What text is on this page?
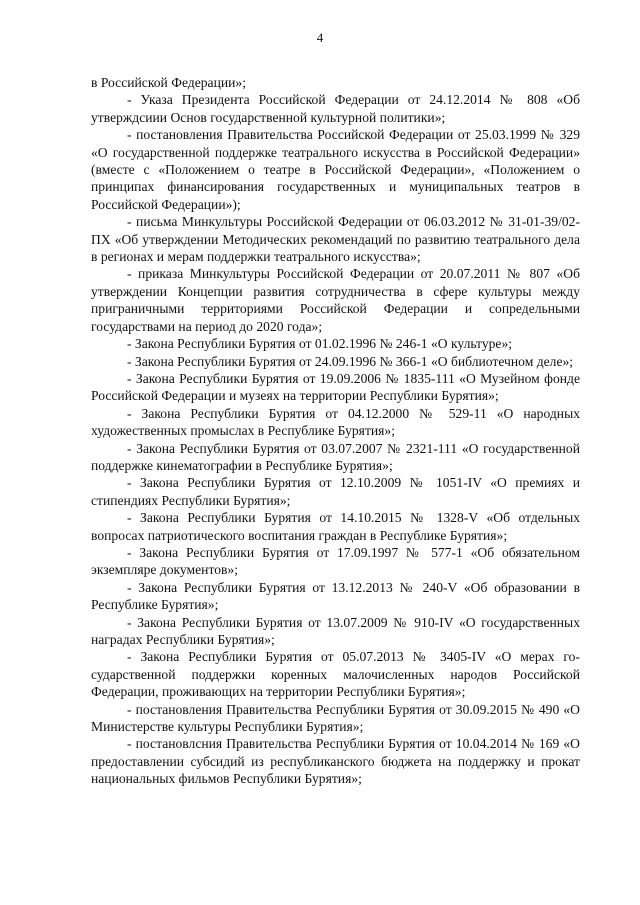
4

в Российской Федерации»;

- Указа Президента Российской Федерации от 24.12.2014 № 808 «Об утверждсиии Основ государственной культурной политики»;

- постановления Правительства Российской Федерации от 25.03.1999 № 329 «О государственной поддержке театрального искусства в Российской Федерации» (вместе с «Положением о театре в Российской Федерации», «Положением о принципах финансирования государственных и муниципальных театров в Российской Федерации»);

- письма Минкультуры Российской Федерации от 06.03.2012 № 31-01-39/02-ПХ «Об утверждении Методических рекомендаций по развитию театрального дела в регионах и мерам поддержки театрального искусства»;

- приказа Минкультуры Российской Федерации от 20.07.2011 № 807 «Об утверждении Концепции развития сотрудничества в сфере культуры между приграничными территориями Российской Федерации и сопредельными государствами на период до 2020 года»;

- Закона Республики Бурятия от 01.02.1996 № 246-1 «О культуре»;

- Закона Республики Бурятия от 24.09.1996 № 366-1 «О библиотечном деле»;

- Закона Республики Бурятия от 19.09.2006 № 1835-111 «О Музейном фонде Российской Федерации и музеях на территории Республики Бурятия»;

- Закона Республики Бурятия от 04.12.2000 № 529-11 «О народных художественных промыслах в Республике Бурятия»;

- Закона Республики Бурятия от 03.07.2007 № 2321-111 «О государственной поддержке кинематографии в Республике Бурятия»;

- Закона Республики Бурятия от 12.10.2009 № 1051-IV «О премиях и стипендиях Республики Бурятия»;

- Закона Республики Бурятия от 14.10.2015 № 1328-V «Об отдельных вопросах патриотического воспитания граждан в Республике Бурятия»;

- Закона Республики Бурятия от 17.09.1997 № 577-1 «Об обязательном экземпляре документов»;

- Закона Республики Бурятия от 13.12.2013 № 240-V «Об образовании в Республике Бурятия»;

- Закона Республики Бурятия от 13.07.2009 № 910-IV «О государственных наградах Республики Бурятия»;

- Закона Республики Бурятия от 05.07.2013 № 3405-IV «О мерах государственной поддержки коренных малочисленных народов Российской Федерации, проживающих на территории Республики Бурятия»;

- постановления Правительства Республики Бурятия от 30.09.2015 № 490 «О Министерстве культуры Республики Бурятия»;

- постановлсния Правительства Республики Бурятия от 10.04.2014 № 169 «О предоставлении субсидий из республиканского бюджета на поддержку и прокат национальных фильмов Республики Бурятия»;
